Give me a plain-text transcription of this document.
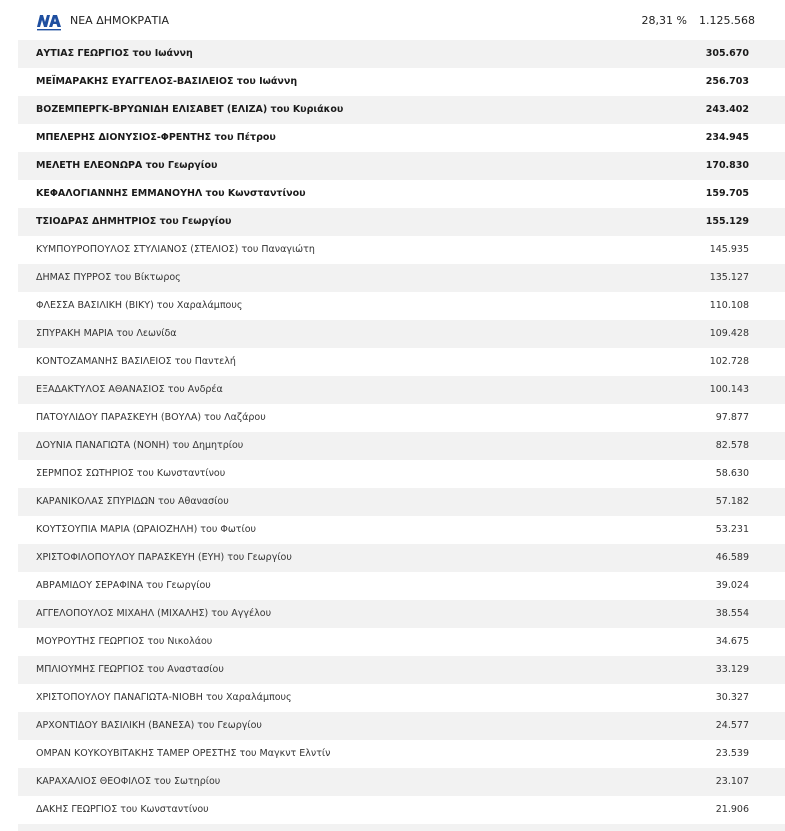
ΝΕΑ ΔΗΜΟΚΡΑΤΙΑ	28,31 % 1.125.568
ΑΥΤΙΑΣ ΓΕΩΡΓΙΟΣ του Ιωάννη	305.670
ΜΕΪΜΑΡΑΚΗΣ ΕΥΑΓΓΕΛΟΣ-ΒΑΣΙΛΕΙΟΣ του Ιωάννη	256.703
ΒΟΖΕΜΠΕΡΓΚ-ΒΡΥΩΝΙΔΗ ΕΛΙΣΑΒΕΤ (ΕΛΙΖΑ) του Κυριάκου	243.402
ΜΠΕΛΕΡΗΣ ΔΙΟΝΥΣΙΟΣ-ΦΡΕΝΤΗΣ του Πέτρου	234.945
ΜΕΛΕΤΗ ΕΛΕΟΝΩΡΑ του Γεωργίου	170.830
ΚΕΦΑΛΟΓΙΑΝΝΗΣ ΕΜΜΑΝΟΥΗΛ του Κωνσταντίνου	159.705
ΤΣΙΟΔΡΑΣ ΔΗΜΗΤΡΙΟΣ του Γεωργίου	155.129
ΚΥΜΠΟΥΡΟΠΟΥΛΟΣ ΣΤΥΛΙΑΝΟΣ (ΣΤΕΛΙΟΣ) του Παναγιώτη	145.935
ΔΗΜΑΣ ΠΥΡΡΟΣ του Βίκτωρος	135.127
ΦΛΕΣΣΑ ΒΑΣΙΛΙΚΗ (ΒΙΚΥ) του Χαραλάμπους	110.108
ΣΠΥΡΑΚΗ ΜΑΡΙΑ του Λεωνίδα	109.428
ΚΟΝΤΟΖΑΜΑΝΗΣ ΒΑΣΙΛΕΙΟΣ του Παντελή	102.728
ΕΞΑΔΑΚΤΥΛΟΣ ΑΘΑΝΑΣΙΟΣ του Ανδρέα	100.143
ΠΑΤΟΥΛΙΔΟΥ ΠΑΡΑΣΚΕΥΗ (ΒΟΥΛΑ) του Λαζάρου	97.877
ΔΟΥΝΙΑ ΠΑΝΑΓΙΩΤΑ (ΝΟΝΗ) του Δημητρίου	82.578
ΣΕΡΜΠΟΣ ΣΩΤΗΡΙΟΣ του Κωνσταντίνου	58.630
ΚΑΡΑΝΙΚΟΛΑΣ ΣΠΥΡΙΔΩΝ του Αθανασίου	57.182
ΚΟΥΤΣΟΥΠΙΑ ΜΑΡΙΑ (ΩΡΑΙΟΖΗΛΗ) του Φωτίου	53.231
ΧΡΙΣΤΟΦΙΛΟΠΟΥΛΟΥ ΠΑΡΑΣΚΕΥΗ (ΕΥΗ) του Γεωργίου	46.589
ΑΒΡΑΜΙΔΟΥ ΣΕΡΑΦΙΝΑ του Γεωργίου	39.024
ΑΓΓΕΛΟΠΟΥΛΟΣ ΜΙΧΑΗΛ (ΜΙΧΑΛΗΣ) του Αγγέλου	38.554
ΜΟΥΡΟΥΤΗΣ ΓΕΩΡΓΙΟΣ του Νικολάου	34.675
ΜΠΛΙΟΥΜΗΣ ΓΕΩΡΓΙΟΣ του Αναστασίου	33.129
ΧΡΙΣΤΟΠΟΥΛΟΥ ΠΑΝΑΓΙΩΤΑ-ΝΙΟΒΗ του Χαραλάμπους	30.327
ΑΡΧΟΝΤΙΔΟΥ ΒΑΣΙΛΙΚΗ (ΒΑΝΕΣΑ) του Γεωργίου	24.577
ΟΜΡΑΝ ΚΟΥΚΟΥΒΙΤΑΚΗΣ ΤΑΜΕΡ ΟΡΕΣΤΗΣ του Μαγκντ Ελντίν	23.539
ΚΑΡΑΧΑΛΙΟΣ ΘΕΟΦΙΛΟΣ του Σωτηρίου	23.107
ΔΑΚΗΣ ΓΕΩΡΓΙΟΣ του Κωνσταντίνου	21.906
